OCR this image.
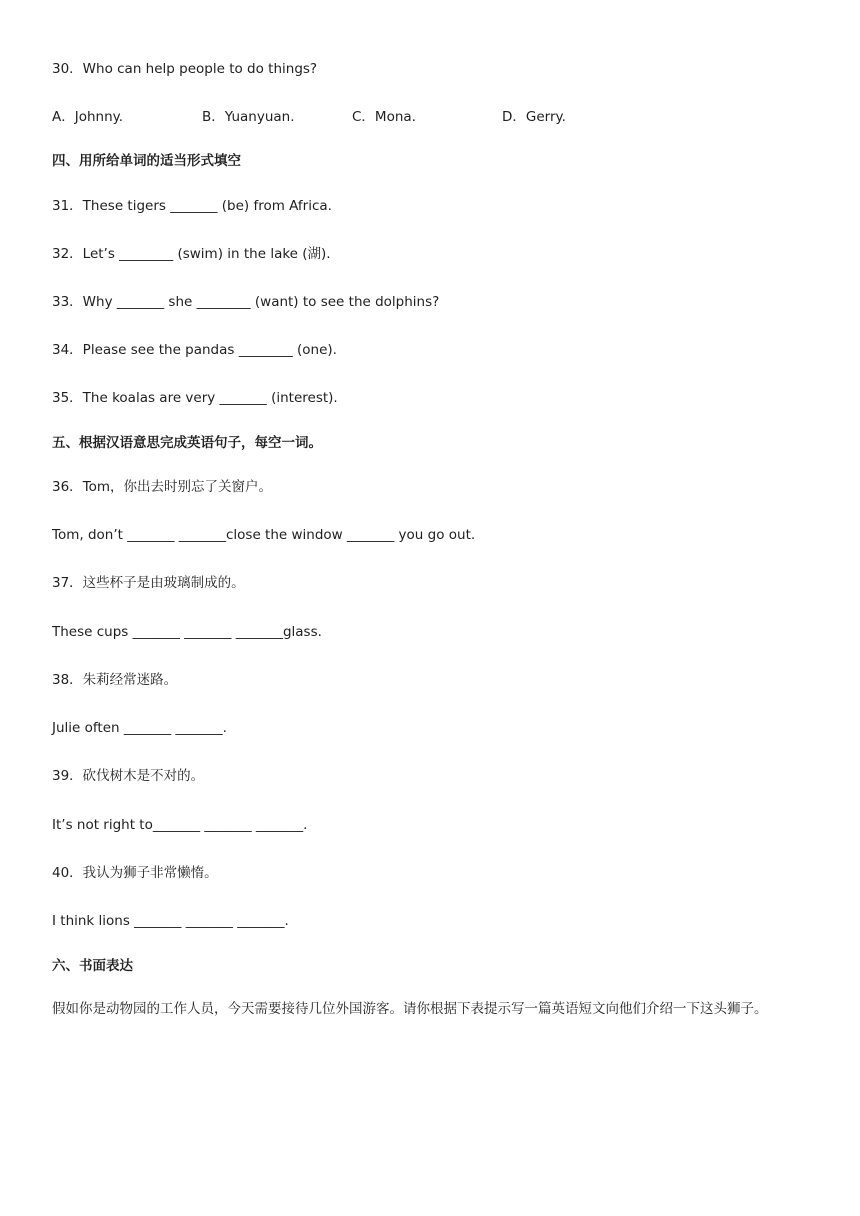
30．Who can help people to do things?
A．Johnny.	B．Yuanyuan.	C．Mona.	D．Gerry.
四、用所给单词的适当形式填空
31．These tigers _______ (be) from Africa.
32．Let’s ________ (swim) in the lake (湖).
33．Why _______ she ________ (want) to see the dolphins?
34．Please see the pandas ________ (one).
35．The koalas are very _______ (interest).
五、根据汉语意思完成英语句子，每空一词。
36．Tom，你出去时别忘了关窗户。
Tom, don’t _______ _______close the window _______ you go out.
37．这些杯子是由玻璃制成的。
These cups _______ _______ _______glass.
38．朱莉经常迷路。
Julie often _______ _______.
39．砍伐树木是不对的。
It’s not right to_______ _______ _______.
40．我认为狮子非常懒惰。
I think lions _______ _______ _______.
六、书面表达
假如你是动物园的工作人员，今天需要接待几位外国游客。请你根据下表提示写一篇英语短文向他们介绍一下这头狮子。
